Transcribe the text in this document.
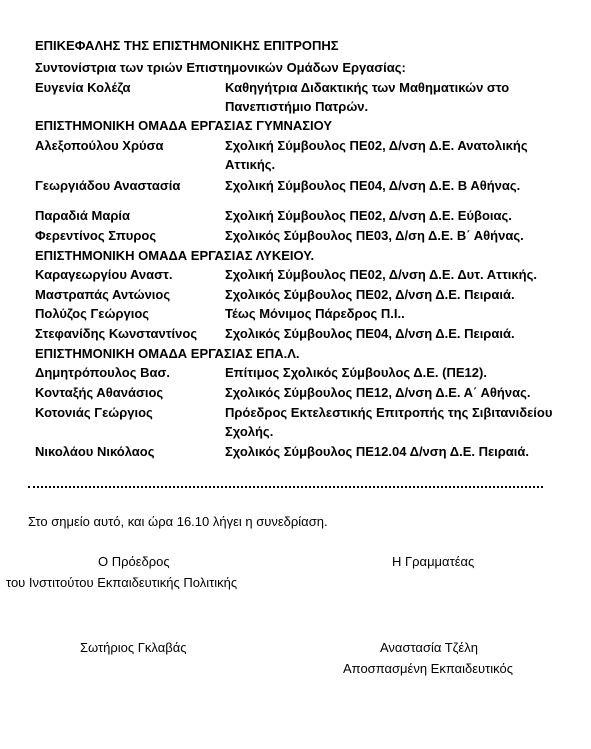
ΕΠΙΚΕΦΑΛΗΣ ΤΗΣ ΕΠΙΣΤΗΜΟΝΙΚΗΣ ΕΠΙΤΡΟΠΗΣ
Συντονίστρια των τριών Επιστημονικών Ομάδων Εργασίας:
Ευγενία Κολέζα	Καθηγήτρια Διδακτικής των Μαθηματικών στο Πανεπιστήμιο Πατρών.
ΕΠΙΣΤΗΜΟΝΙΚΗ ΟΜΑΔΑ ΕΡΓΑΣΙΑΣ ΓΥΜΝΑΣΙΟΥ
Αλεξοπούλου Χρύσα	Σχολική Σύμβουλος ΠΕ02, Δ/νση Δ.Ε. Ανατολικής Αττικής.
Γεωργιάδου Αναστασία	Σχολική Σύμβουλος ΠΕ04, Δ/νση Δ.Ε. Β Αθήνας.
Παραδιά Μαρία	Σχολική Σύμβουλος ΠΕ02, Δ/νση Δ.Ε. Εύβοιας.
Φερεντίνος Σπυρος	Σχολικός Σύμβουλος ΠΕ03, Δ/ση Δ.Ε. Β΄ Αθήνας.
ΕΠΙΣΤΗΜΟΝΙΚΗ ΟΜΑΔΑ ΕΡΓΑΣΙΑΣ ΛΥΚΕΙΟΥ.
Καραγεωργίου Αναστ.	Σχολική Σύμβουλος ΠΕ02, Δ/νση Δ.Ε. Δυτ. Αττικής.
Μαστραπάς Αντώνιος	Σχολικός Σύμβουλος ΠΕ02, Δ/νση Δ.Ε. Πειραιά.
Πολύζος Γεώργιος	Τέως Μόνιμος Πάρεδρος Π.Ι..
Στεφανίδης Κωνσταντίνος Σχολικός Σύμβουλος ΠΕ04, Δ/νση Δ.Ε. Πειραιά.
ΕΠΙΣΤΗΜΟΝΙΚΗ ΟΜΑΔΑ ΕΡΓΑΣΙΑΣ ΕΠΑ.Λ.
Δημητρόπουλος Βασ.	Επίτιμος Σχολικός Σύμβουλος Δ.Ε. (ΠΕ12).
Κονταξής Αθανάσιος	Σχολικός Σύμβουλος ΠΕ12, Δ/νση Δ.Ε. Α΄ Αθήνας.
Κοτονιάς Γεώργιος	Πρόεδρος Εκτελεστικής Επιτροπής της Σιβιτανιδείου Σχολής.
Νικολάου Νικόλαος	Σχολικός Σύμβουλος ΠΕ12.04 Δ/νση Δ.Ε. Πειραιά.
Στο σημείο αυτό, και ώρα 16.10 λήγει η συνεδρίαση.
Ο Πρόεδρος	Η Γραμματέας
του Ινστιτούτου Εκπαιδευτικής Πολιτικής
Σωτήριος Γκλαβάς	Αναστασία Τζέλη
Αποσπασμένη Εκπαιδευτικός
